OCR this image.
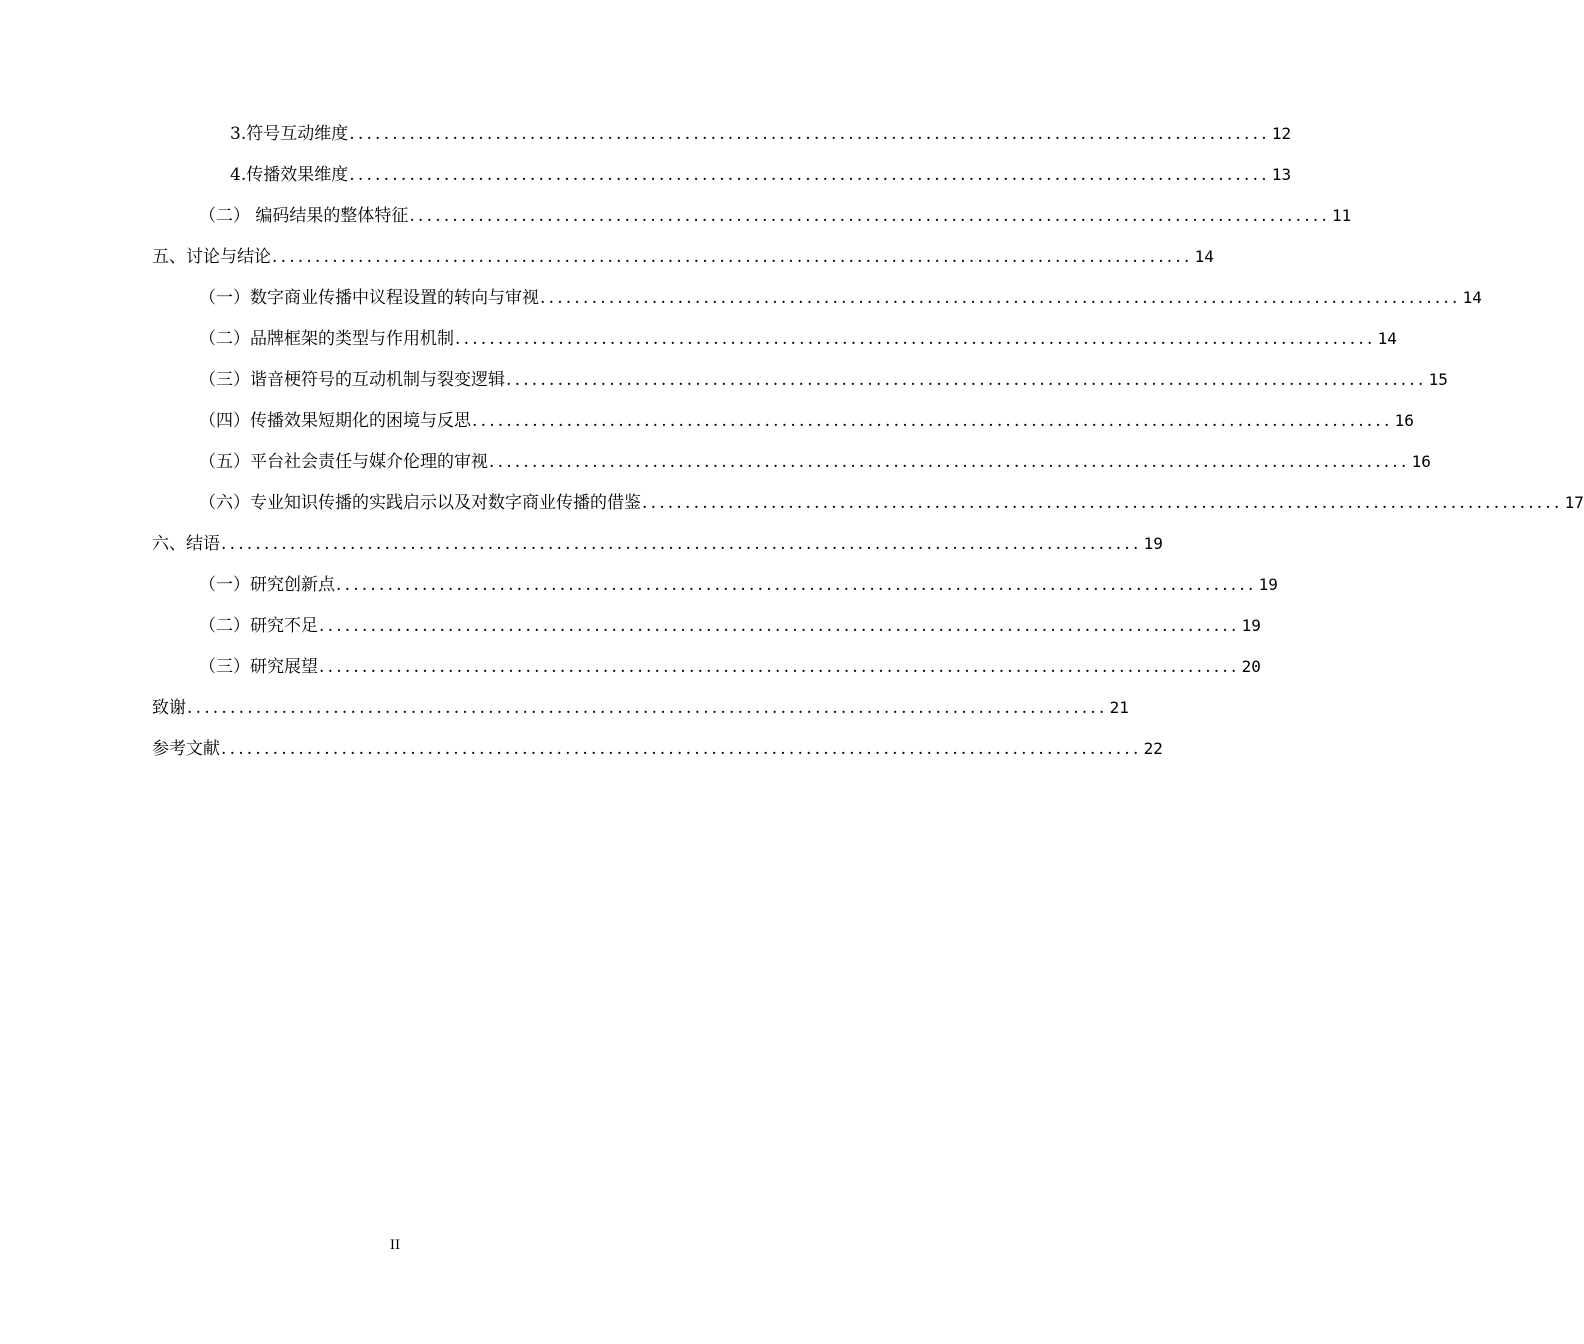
3.符号互动维度 ........................................................................................................... 12
4.传播效果维度 ........................................................................................................... 13
（二） 编码结果的整体特征 ........................................................................................................... 11
五、讨论与结论 ........................................................................................................... 14
（一）数字商业传播中议程设置的转向与审视 ........................................................................................................... 14
（二）品牌框架的类型与作用机制 ........................................................................................................... 14
（三）谐音梗符号的互动机制与裂变逻辑 ........................................................................................................... 15
（四）传播效果短期化的困境与反思 ........................................................................................................... 16
（五）平台社会责任与媒介伦理的审视 ........................................................................................................... 16
（六）专业知识传播的实践启示以及对数字商业传播的借鉴 ........................................................................................................... 17
六、结语 ........................................................................................................... 19
（一）研究创新点 ........................................................................................................... 19
（二）研究不足 ........................................................................................................... 19
（三）研究展望 ........................................................................................................... 20
致谢 ........................................................................................................... 21
参考文献 ........................................................................................................... 22
II
